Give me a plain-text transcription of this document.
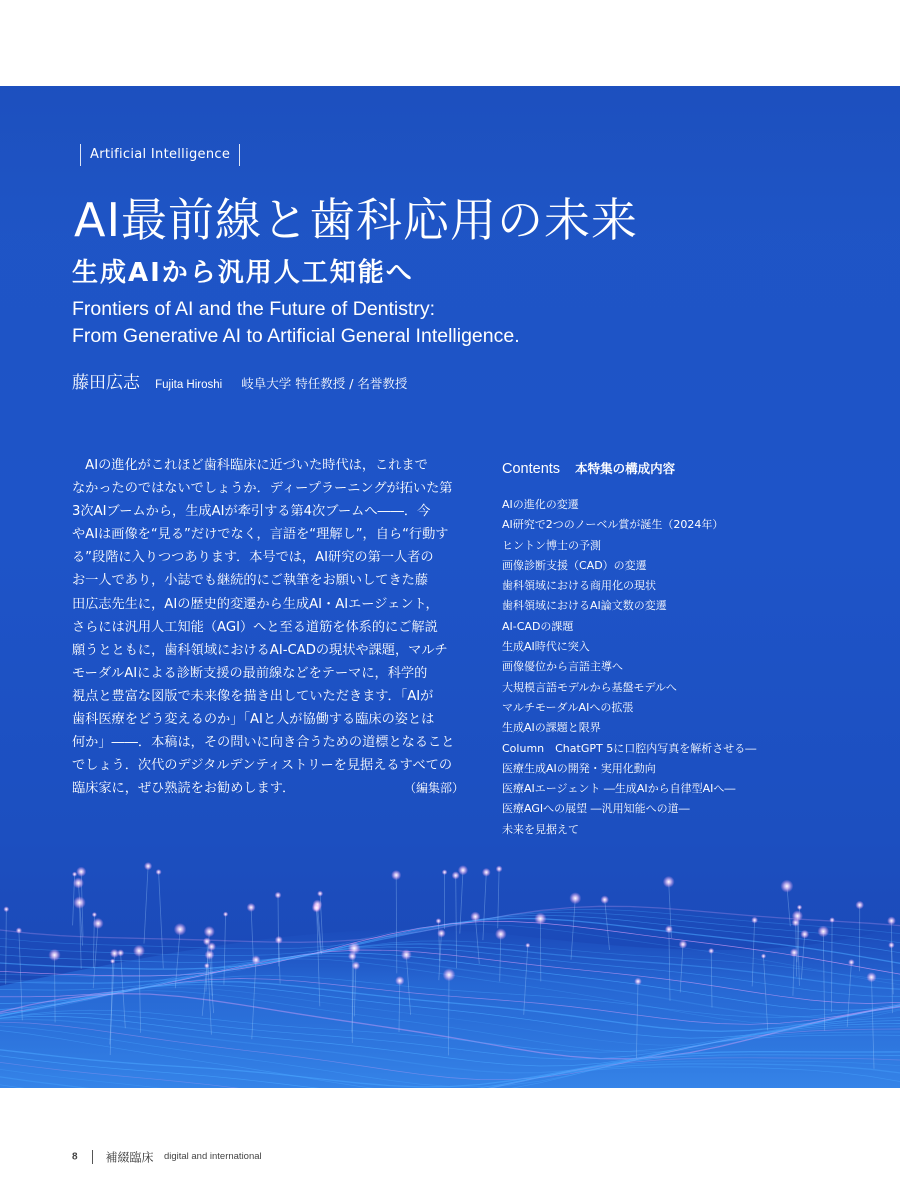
Artificial Intelligence
AI最前線と歯科応用の未来
生成AIから汎用人工知能へ
Frontiers of AI and the Future of Dentistry:
From Generative AI to Artificial General Intelligence.
藤田広志 Fujita Hiroshi 岐阜大学 特任教授 / 名誉教授
　AIの進化がこれほど歯科臨床に近づいた時代は，これまで
なかったのではないでしょうか．ディープラーニングが拓いた第
3次AIブームから，生成AIが牽引する第4次ブームへ――．今
やAIは画像を“見る”だけでなく，言語を“理解し”，自ら“行動す
る”段階に入りつつあります．本号では，AI研究の第一人者の
お一人であり，小誌でも継続的にご執筆をお願いしてきた藤
田広志先生に，AIの歴史的変遷から生成AI・AIエージェント，
さらには汎用人工知能（AGI）へと至る道筋を体系的にご解説
願うとともに，歯科領域におけるAI-CADの現状や課題，マルチ
モーダルAIによる診断支援の最前線などをテーマに，科学的
視点と豊富な図版で未来像を描き出していただきます．「AIが
歯科医療をどう変えるのか」「AIと人が協働する臨床の姿とは
何か」――．本稿は，その問いに向き合うための道標となること
でしょう．次代のデジタルデンティストリーを見据えるすべての
臨床家に，ぜひ熟読をお勧めします．	（編集部）
Contents 本特集の構成内容
AIの進化の変遷
AI研究で2つのノーベル賞が誕生（2024年）
ヒントン博士の予測
画像診断支援（CAD）の変遷
歯科領域における商用化の現状
歯科領域におけるAI論文数の変遷
AI-CADの課題
生成AI時代に突入
画像優位から言語主導へ
大規模言語モデルから基盤モデルへ
マルチモーダルAIへの拡張
生成AIの課題と限界
Column　ChatGPT 5に口腔内写真を解析させる―
医療生成AIの開発・実用化動向
医療AIエージェント ―生成AIから自律型AIへ―
医療AGIへの展望 ―汎用知能への道―
未来を見据えて
8 補綴臨床 digital and international
